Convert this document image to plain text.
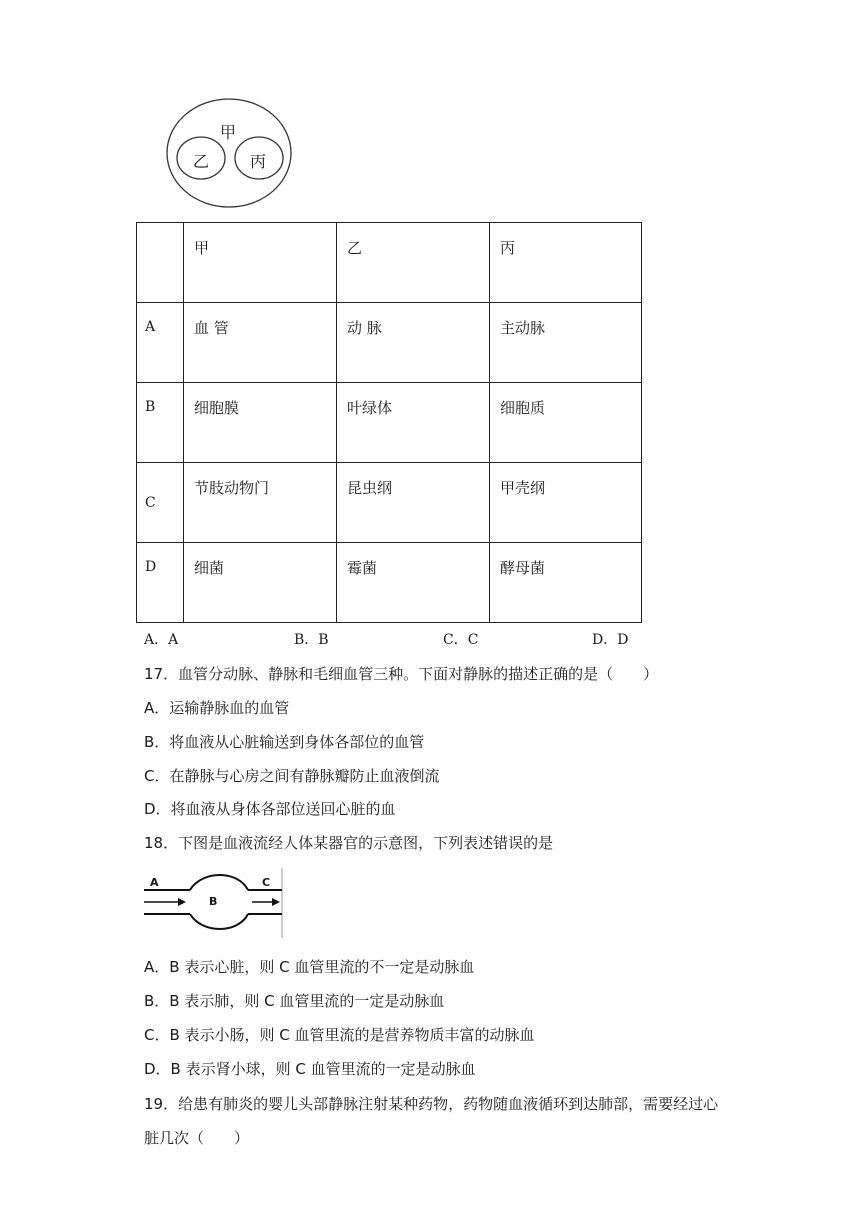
甲
乙	丙

	甲	乙	丙

A	血 管	动 脉	主动脉

B	细胞膜	叶绿体	细胞质

C	节肢动物门	昆虫纲	甲壳纲

D	细菌	霉菌	酵母菌
A．A	B．B	C．C	D．D
17．血管分动脉、静脉和毛细血管三种。下面对静脉的描述正确的是（　　）
A．运输静脉血的血管
B．将血液从心脏输送到身体各部位的血管
C．在静脉与心房之间有静脉瓣防止血液倒流
D．将血液从身体各部位送回心脏的血
18．下图是血液流经人体某器官的示意图，下列表述错误的是
A
B
C
A．B 表示心脏，则 C 血管里流的不一定是动脉血
B．B 表示肺，则 C 血管里流的一定是动脉血
C．B 表示小肠，则 C 血管里流的是营养物质丰富的动脉血
D．B 表示肾小球，则 C 血管里流的一定是动脉血
19．给患有肺炎的婴儿头部静脉注射某种药物，药物随血液循环到达肺部，需要经过心
脏几次（　　）
